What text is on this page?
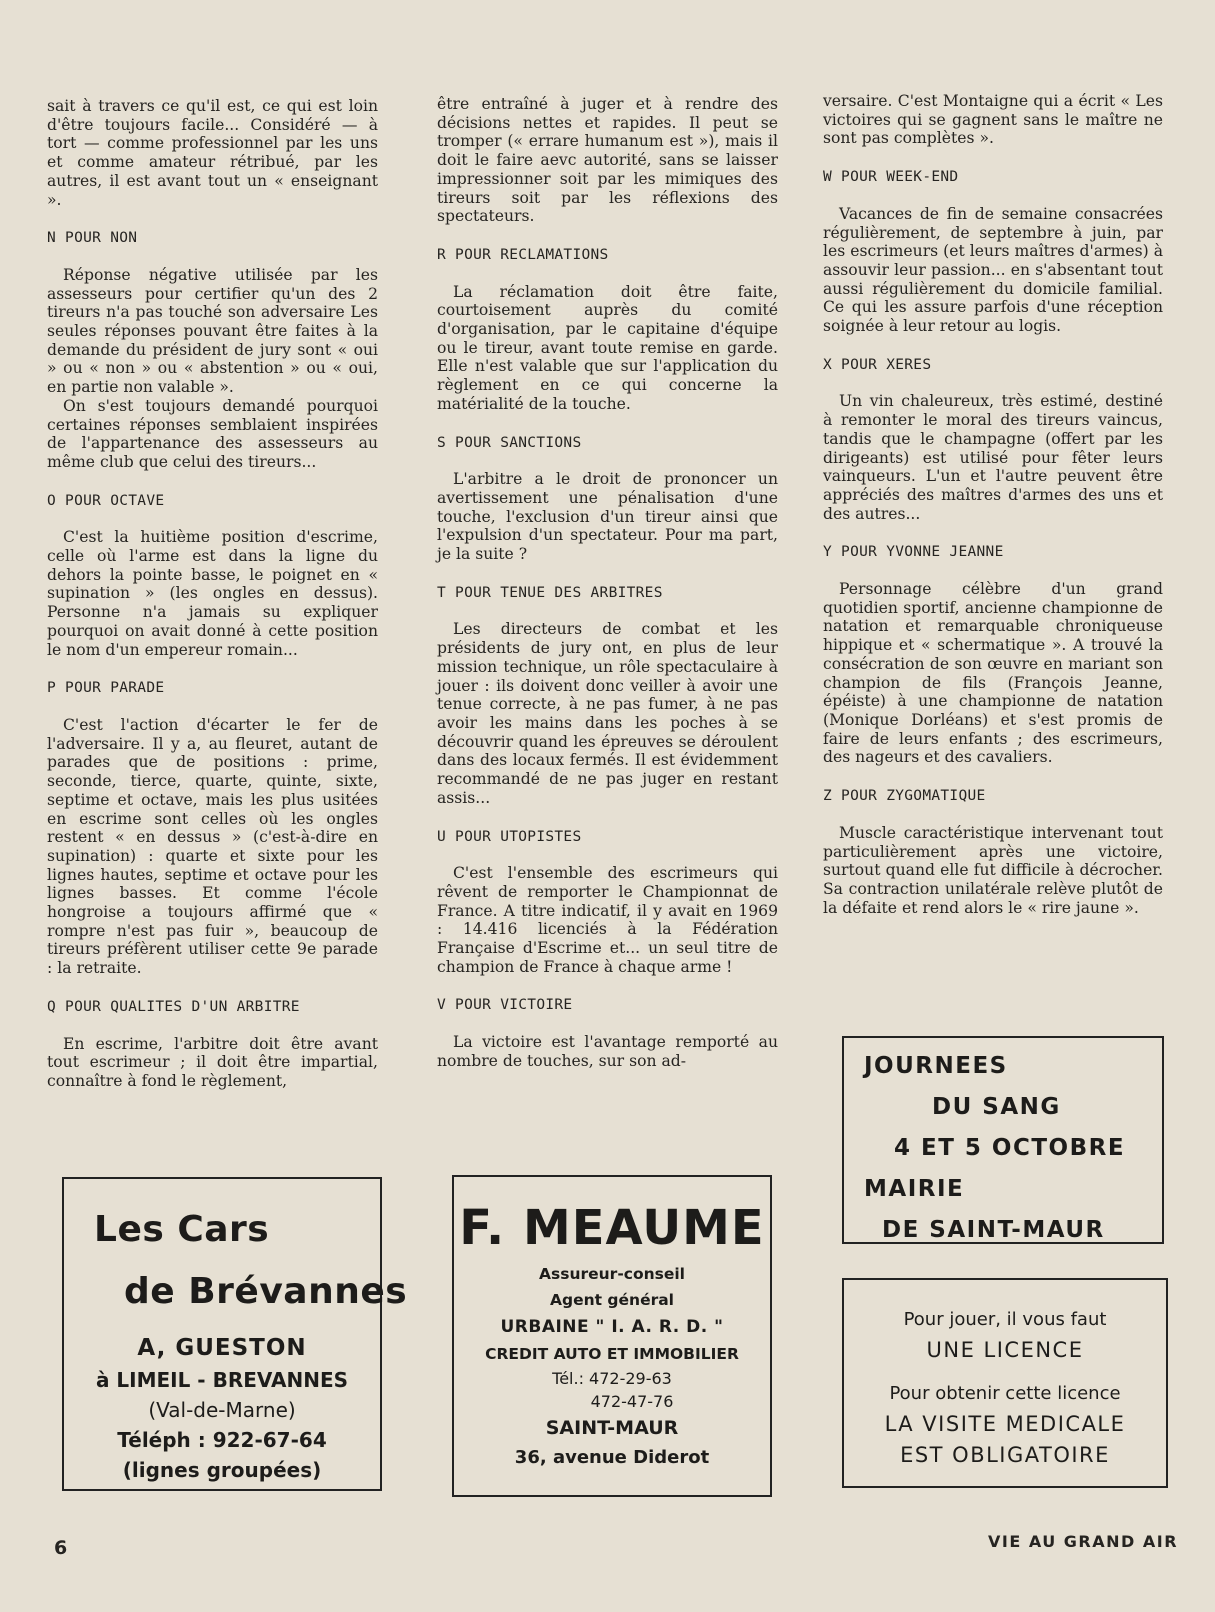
sait à travers ce qu'il est, ce qui est loin d'être toujours facile... Considéré — à tort — comme professionnel par les uns et comme amateur rétribué, par les autres, il est avant tout un « enseignant ».

N POUR NON

Réponse négative utilisée par les assesseurs pour certifier qu'un des 2 tireurs n'a pas touché son adversaire Les seules réponses pouvant être faites à la demande du président de jury sont « oui » ou « non » ou « abstention » ou « oui, en partie non valable ».

On s'est toujours demandé pourquoi certaines réponses semblaient inspirées de l'appartenance des assesseurs au même club que celui des tireurs...

O POUR OCTAVE

C'est la huitième position d'escrime, celle où l'arme est dans la ligne du dehors la pointe basse, le poignet en « supination » (les ongles en dessus). Personne n'a jamais su expliquer pourquoi on avait donné à cette position le nom d'un empereur romain...

P POUR PARADE

C'est l'action d'écarter le fer de l'adversaire. Il y a, au fleuret, autant de parades que de positions : prime, seconde, tierce, quarte, quinte, sixte, septime et octave, mais les plus usitées en escrime sont celles où les ongles restent « en dessus » (c'est-à-dire en supination) : quarte et sixte pour les lignes hautes, septime et octave pour les lignes basses. Et comme l'école hongroise a toujours affirmé que « rompre n'est pas fuir », beaucoup de tireurs préfèrent utiliser cette 9e parade : la retraite.

Q POUR QUALITES D'UN ARBITRE

En escrime, l'arbitre doit être avant tout escrimeur ; il doit être impartial, connaître à fond le règlement,

être entraîné à juger et à rendre des décisions nettes et rapides. Il peut se tromper (« errare humanum est »), mais il doit le faire aevc autorité, sans se laisser impressionner soit par les mimiques des tireurs soit par les réflexions des spectateurs.

R POUR RECLAMATIONS

La réclamation doit être faite, courtoisement auprès du comité d'organisation, par le capitaine d'équipe ou le tireur, avant toute remise en garde. Elle n'est valable que sur l'application du règlement en ce qui concerne la matérialité de la touche.

S POUR SANCTIONS

L'arbitre a le droit de prononcer un avertissement une pénalisation d'une touche, l'exclusion d'un tireur ainsi que l'expulsion d'un spectateur. Pour ma part, je la suite ?

T POUR TENUE DES ARBITRES

Les directeurs de combat et les présidents de jury ont, en plus de leur mission technique, un rôle spectaculaire à jouer : ils doivent donc veiller à avoir une tenue correcte, à ne pas fumer, à ne pas avoir les mains dans les poches à se découvrir quand les épreuves se déroulent dans des locaux fermés. Il est évidemment recommandé de ne pas juger en restant assis...

U POUR UTOPISTES

C'est l'ensemble des escrimeurs qui rêvent de remporter le Championnat de France. A titre indicatif, il y avait en 1969 : 14.416 licenciés à la Fédération Française d'Escrime et... un seul titre de champion de France à chaque arme !

V POUR VICTOIRE

La victoire est l'avantage remporté au nombre de touches, sur son ad-

versaire. C'est Montaigne qui a écrit « Les victoires qui se gagnent sans le maître ne sont pas complètes ».

W POUR WEEK-END

Vacances de fin de semaine consacrées régulièrement, de septembre à juin, par les escrimeurs (et leurs maîtres d'armes) à assouvir leur passion... en s'absentant tout aussi régulièrement du domicile familial. Ce qui les assure parfois d'une réception soignée à leur retour au logis.

X POUR XERES

Un vin chaleureux, très estimé, destiné à remonter le moral des tireurs vaincus, tandis que le champagne (offert par les dirigeants) est utilisé pour fêter leurs vainqueurs. L'un et l'autre peuvent être appréciés des maîtres d'armes des uns et des autres...

Y POUR YVONNE JEANNE

Personnage célèbre d'un grand quotidien sportif, ancienne championne de natation et remarquable chroniqueuse hippique et « schermatique ». A trouvé la consécration de son œuvre en mariant son champion de fils (François Jeanne, épéiste) à une championne de natation (Monique Dorléans) et s'est promis de faire de leurs enfants ; des escrimeurs, des nageurs et des cavaliers.

Z POUR ZYGOMATIQUE

Muscle caractéristique intervenant tout particulièrement après une victoire, surtout quand elle fut difficile à décrocher. Sa contraction unilatérale relève plutôt de la défaite et rend alors le « rire jaune ».

Les Cars
de Brévannes
A, GUESTON
à LIMEIL - BREVANNES
(Val-de-Marne)
Téléph : 922-67-64
(lignes groupées)
F. MEAUME
Assureur-conseil
Agent général
URBAINE " I. A. R. D. "
CREDIT AUTO ET IMMOBILIER
Tél.: 472-29-63
472-47-76
SAINT-MAUR
36, avenue Diderot
JOURNEES
DU SANG
4 ET 5 OCTOBRE
MAIRIE
DE SAINT-MAUR
Pour jouer, il vous faut
UNE LICENCE
Pour obtenir cette licence
LA VISITE MEDICALE
EST OBLIGATOIRE
6	VIE AU GRAND AIR
